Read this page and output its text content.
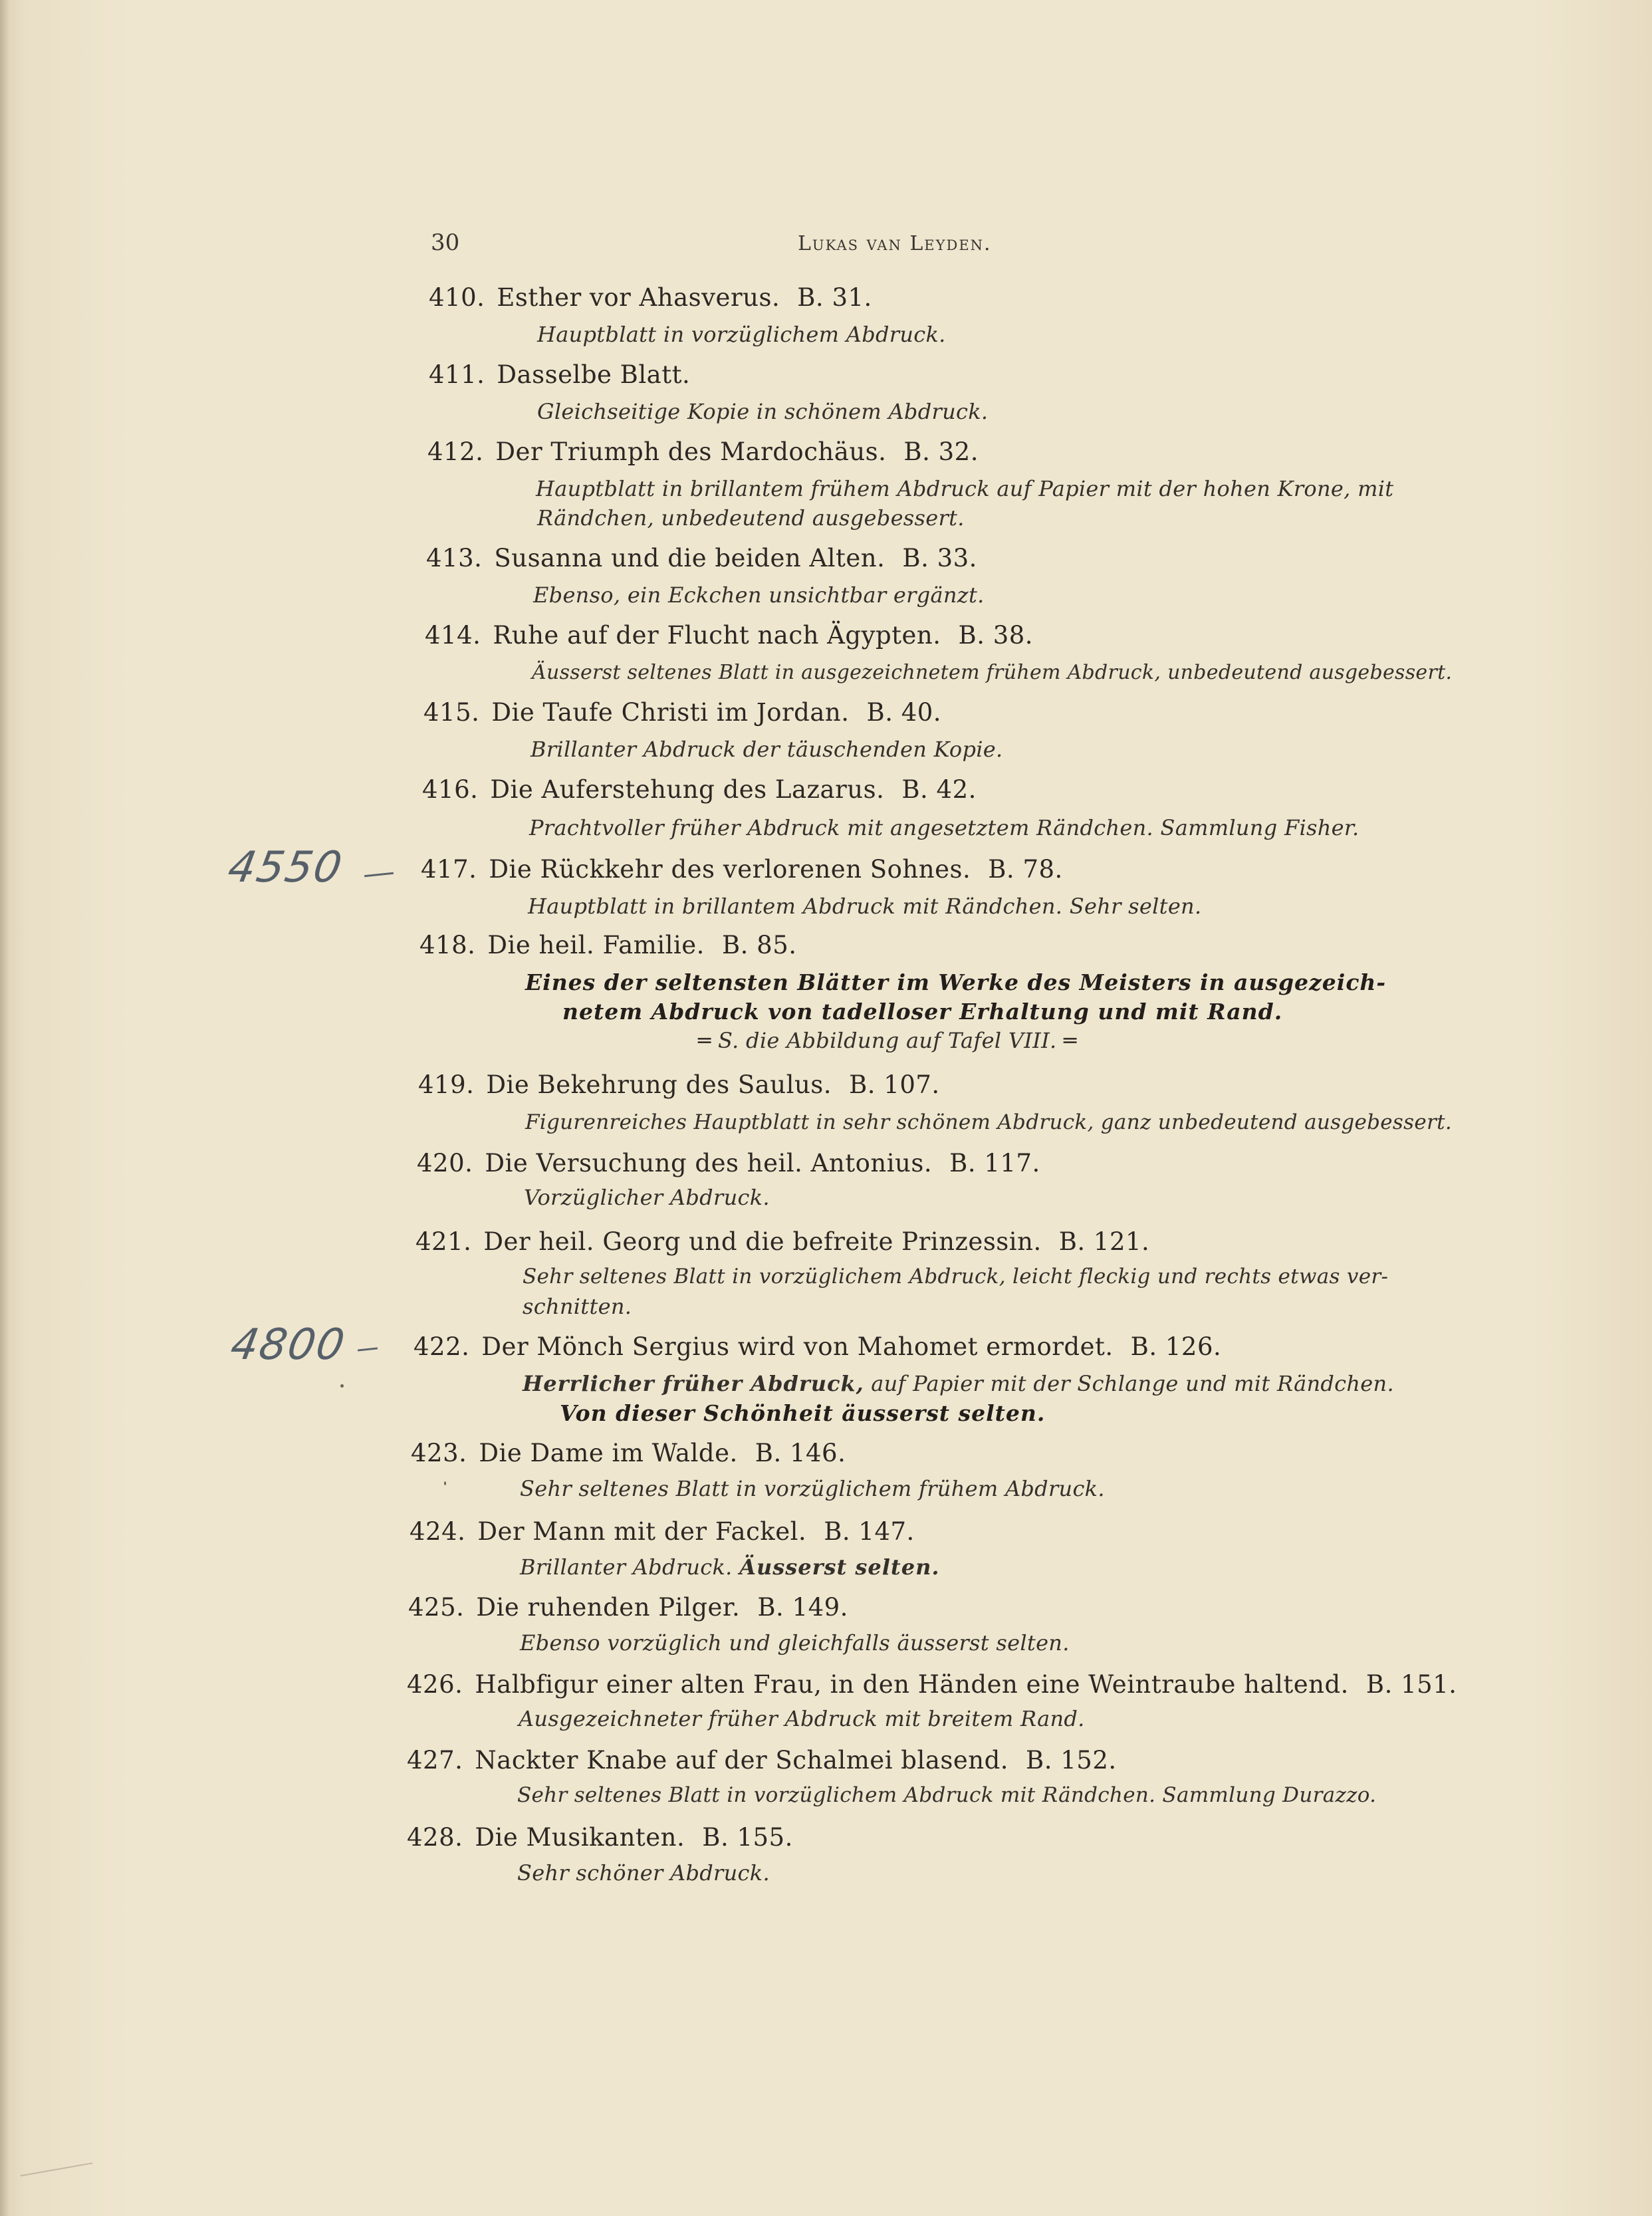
30	Lukas van Leyden.
410. Esther vor Ahasverus. B. 31.
Hauptblatt in vorzüglichem Abdruck.
411. Dasselbe Blatt.
Gleichseitige Kopie in schönem Abdruck.
412. Der Triumph des Mardochäus. B. 32.
Hauptblatt in brillantem frühem Abdruck auf Papier mit der hohen Krone, mit
Rändchen, unbedeutend ausgebessert.
413. Susanna und die beiden Alten. B. 33.
Ebenso, ein Eckchen unsichtbar ergänzt.
414. Ruhe auf der Flucht nach Ägypten. B. 38.
Äusserst seltenes Blatt in ausgezeichnetem frühem Abdruck, unbedeutend ausgebessert.
415. Die Taufe Christi im Jordan. B. 40.
Brillanter Abdruck der täuschenden Kopie.
416. Die Auferstehung des Lazarus. B. 42.
Prachtvoller früher Abdruck mit angesetztem Rändchen. Sammlung Fisher.
4550	417. Die Rückkehr des verlorenen Sohnes. B. 78.
Hauptblatt in brillantem Abdruck mit Rändchen. Sehr selten.
418. Die heil. Familie. B. 85.
Eines der seltensten Blätter im Werke des Meisters in ausgezeich-
netem Abdruck von tadelloser Erhaltung und mit Rand.
═ S. die Abbildung auf Tafel VIII. ═
419. Die Bekehrung des Saulus. B. 107.
Figurenreiches Hauptblatt in sehr schönem Abdruck, ganz unbedeutend ausgebessert.
420. Die Versuchung des heil. Antonius. B. 117.
Vorzüglicher Abdruck.
421. Der heil. Georg und die befreite Prinzessin. B. 121.
Sehr seltenes Blatt in vorzüglichem Abdruck, leicht fleckig und rechts etwas ver-
schnitten.
4800	422. Der Mönch Sergius wird von Mahomet ermordet. B. 126.
Herrlicher früher Abdruck, auf Papier mit der Schlange und mit Rändchen.
Von dieser Schönheit äusserst selten.
423. Die Dame im Walde. B. 146.
Sehr seltenes Blatt in vorzüglichem frühem Abdruck.
424. Der Mann mit der Fackel. B. 147.
Brillanter Abdruck. Äusserst selten.
425. Die ruhenden Pilger. B. 149.
Ebenso vorzüglich und gleichfalls äusserst selten.
426. Halbfigur einer alten Frau, in den Händen eine Weintraube haltend. B. 151.
Ausgezeichneter früher Abdruck mit breitem Rand.
427. Nackter Knabe auf der Schalmei blasend. B. 152.
Sehr seltenes Blatt in vorzüglichem Abdruck mit Rändchen. Sammlung Durazzo.
428. Die Musikanten. B. 155.
Sehr schöner Abdruck.
